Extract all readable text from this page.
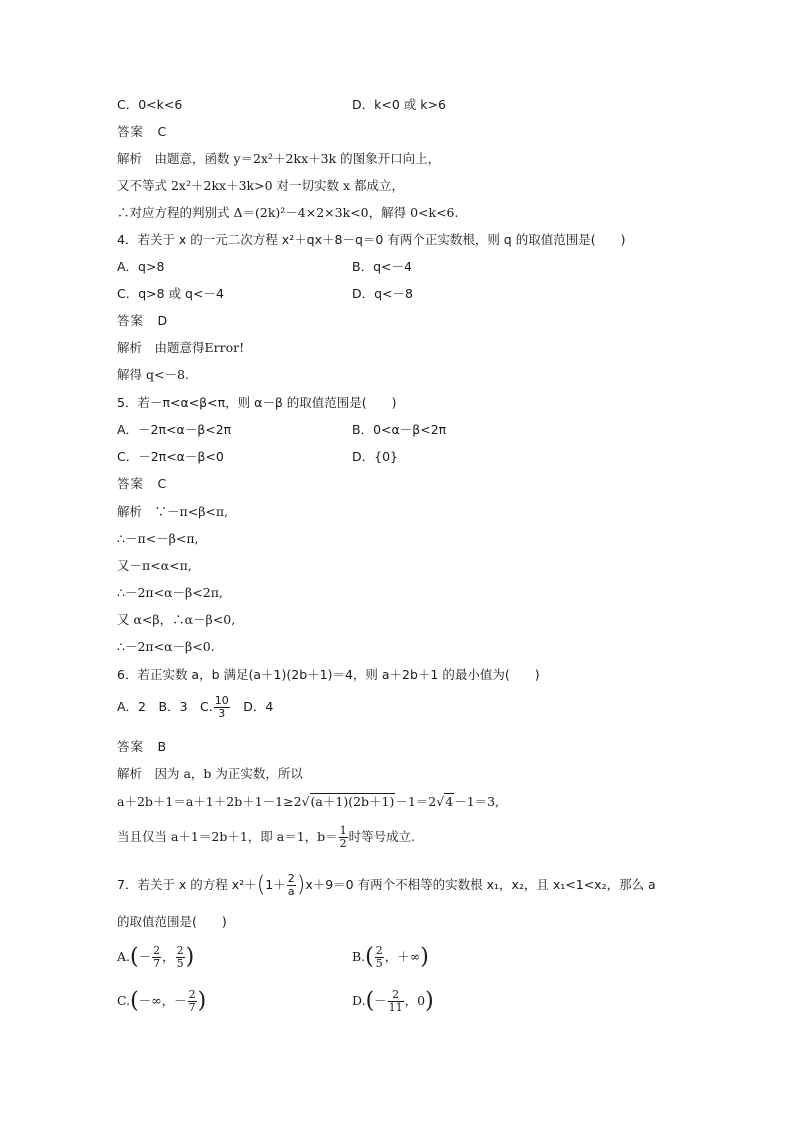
C．0<k<6	D．k<0 或 k>6
答案　C
解析　由题意，函数 y＝2x²＋2kx＋3k 的图象开口向上，
又不等式 2x²＋2kx＋3k>0 对一切实数 x 都成立，
∴对应方程的判别式 Δ＝(2k)²－4×2×3k<0，解得 0<k<6.
4．若关于 x 的一元二次方程 x²＋qx＋8－q＝0 有两个正实数根，则 q 的取值范围是(　　)
A．q>8	B．q<－4
C．q>8 或 q<－4	D．q<－8
答案　D
解析　由题意得Error!
解得 q<－8.
5．若－π<α<β<π，则 α－β 的取值范围是(　　)
A．－2π<α－β<2π	B．0<α－β<2π
C．－2π<α－β<0	D．{0}
答案　C
解析　∵－π<β<π,
∴－π<－β<π,
又－π<α<π,
∴－2π<α－β<2π,
又 α<β，∴α－β<0,
∴－2π<α－β<0.
6．若正实数 a，b 满足(a＋1)(2b＋1)＝4，则 a＋2b＋1 的最小值为(　　)
A．2　B．3　C. $\frac{10}{3}$ 　D．4
答案　B
解析　因为 a，b 为正实数，所以
a＋2b＋1＝a＋1＋2b＋1－1≥2√(a＋1)(2b＋1)－1＝2√4－1＝3,
当且仅当 a＋1＝2b＋1，即 a＝1，$b= \frac{1}{2}$ 时等号成立.
7．若关于 x 的方程 $x^2+(1+ \frac{2}{a} )x+9=0$ 有两个不相等的实数根 x₁，x₂，且 x₁<1<x₂，那么 a
的取值范围是(　　)
$A.(- \frac{2}{7}$ ， $\frac{2}{5}$ )	$B.( \frac{2}{5}$ ，＋∞)
C.(－∞，－ $\frac{2}{7}$ )	$D.(- \frac{2}{11}$ ，0)
